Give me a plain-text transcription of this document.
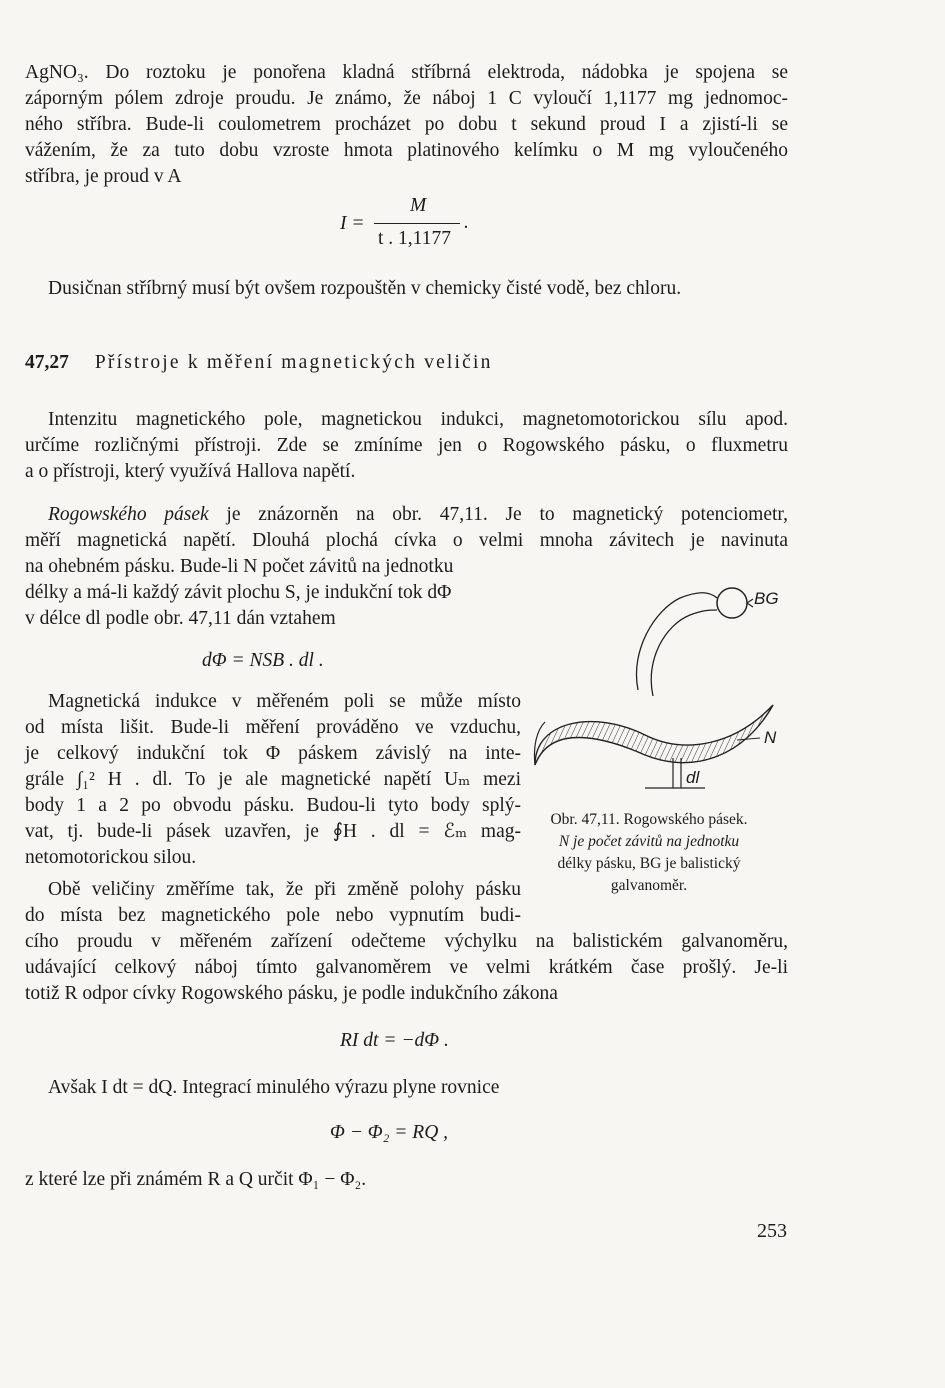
AgNO₃. Do roztoku je ponořena kladná stříbrná elektroda, nádobka je spojena se
záporným pólem zdroje proudu. Je známo, že náboj 1 C vyloučí 1,1177 mg jednomoc-
ného stříbra. Bude-li coulometrem procházet po dobu t sekund proud I a zjistí-li se
vážením, že za tuto dobu vzroste hmota platinového kelímku o M mg vyloučeného
stříbra, je proud v A
I =
M
t . 1,1177
.
Dusičnan stříbrný musí být ovšem rozpouštěn v chemicky čisté vodě, bez chloru.
47,27 Přístroje k měření magnetických veličin
Intenzitu magnetického pole, magnetickou indukci, magnetomotorickou sílu apod.
určíme rozličnými přístroji. Zde se zmíníme jen o Rogowského pásku, o fluxmetru
a o přístroji, který využívá Hallova napětí.
Rogowského pásek je znázorněn na obr. 47,11. Je to magnetický potenciometr,
měří magnetická napětí. Dlouhá plochá cívka o velmi mnoha závitech je navinuta
na ohebném pásku. Bude-li N počet závitů na jednotku
délky a má-li každý závit plochu S, je indukční tok dΦ
v délce dl podle obr. 47,11 dán vztahem
dΦ = NSB . dl .
Magnetická indukce v měřeném poli se může místo
od místa lišit. Bude-li měření prováděno ve vzduchu,
je celkový indukční tok Φ páskem závislý na inte-
grále ∫₁² H . dl. To je ale magnetické napětí Uₘ mezi
body 1 a 2 po obvodu pásku. Budou-li tyto body splý-
vat, tj. bude-li pásek uzavřen, je ∮H . dl = ℰₘ mag-
netomotorickou silou.
Obě veličiny změříme tak, že při změně polohy pásku
do místa bez magnetického pole nebo vypnutím budi-
cího proudu v měřeném zařízení odečteme výchylku na balistickém galvanoměru,
udávající celkový náboj tímto galvanoměrem ve velmi krátkém čase prošlý. Je-li
totiž R odpor cívky Rogowského pásku, je podle indukčního zákona
RI dt = −dΦ .
Avšak I dt = dQ. Integrací minulého výrazu plyne rovnice
Φ − Φ₂ = RQ ,
z které lze při známém R a Q určit Φ₁ − Φ₂.
BG
N
dl
Obr. 47,11. Rogowského pásek.
N je počet závitů na jednotku
délky pásku, BG je balistický
galvanoměr.
253
